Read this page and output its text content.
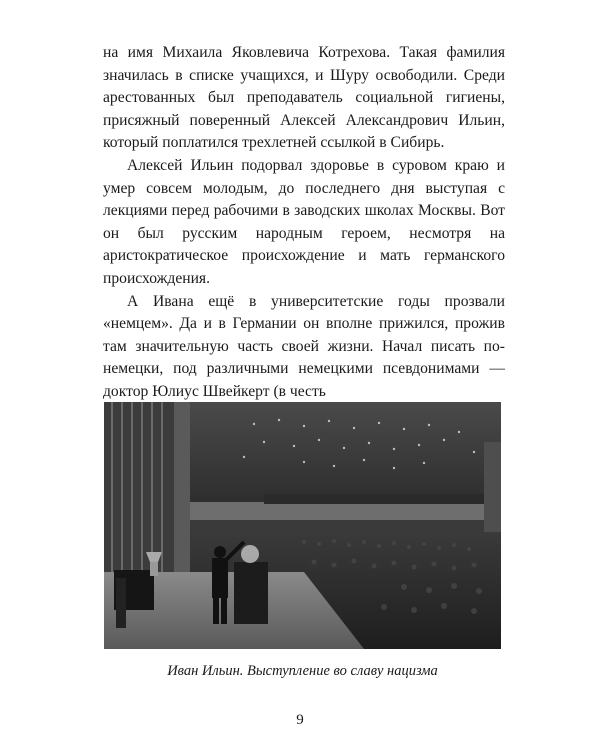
на имя Михаила Яковлевича Котрехова. Такая фамилия значилась в списке учащихся, и Шуру освободили. Среди арестованных был преподаватель социальной гигиены, присяжный поверенный Алексей Александрович Ильин, который поплатился трехлетней ссылкой в Сибирь.

Алексей Ильин подорвал здоровье в суровом краю и умер совсем молодым, до последнего дня выступая с лекциями перед рабочими в заводских школах Москвы. Вот он был русским народным героем, несмотря на аристократическое происхождение и мать германского происхождения.

А Ивана ещё в университетские годы прозвали «немцем». Да и в Германии он вполне прижился, прожив там значительную часть своей жизни. Начал писать по-немецки, под различными немецкими псевдонимами — доктор Юлиус Швейкерт (в честь

Иван Ильин. Выступление во славу нацизма
9
